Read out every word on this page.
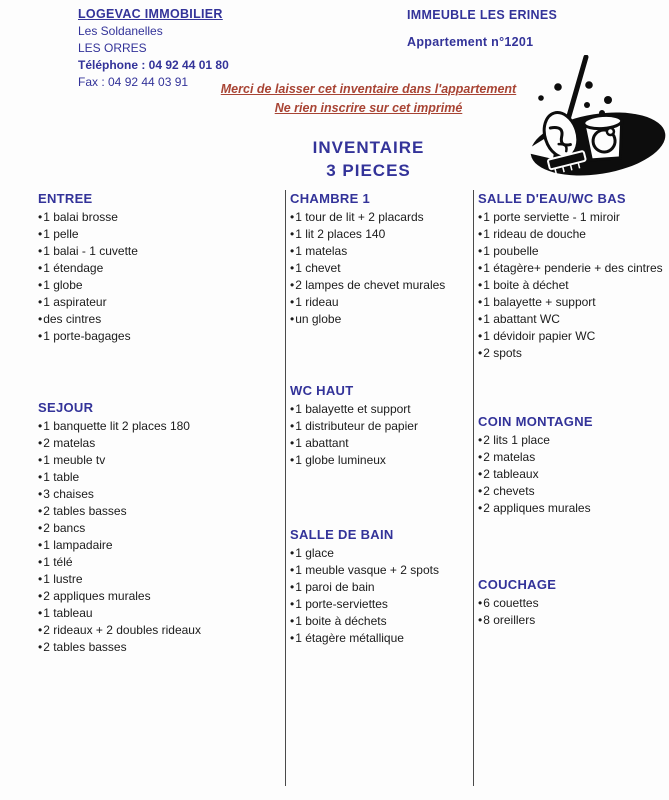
LOGEVAC IMMOBILIER
Les Soldanelles
LES ORRES
Téléphone : 04 92 44 01 80
Fax : 04 92 44 03 91
IMMEUBLE LES ERINES
Appartement n°1201
Merci de laisser cet inventaire dans l'appartement
Ne rien inscrire sur cet imprimé
INVENTAIRE
3 PIECES
ENTREE
•1 balai brosse
•1 pelle
•1 balai - 1 cuvette
•1 étendage
•1 globe
•1 aspirateur
•des cintres
•1 porte-bagages
SEJOUR
•1 banquette lit 2 places 180
•2 matelas
•1 meuble tv
•1 table
•3 chaises
•2 tables basses
•2 bancs
•1 lampadaire
•1 télé
•1 lustre
•2 appliques murales
•1 tableau
•2 rideaux + 2 doubles rideaux
•2 tables basses
CHAMBRE 1
•1 tour de lit + 2 placards
•1 lit 2 places 140
•1 matelas
•1 chevet
•2 lampes de chevet murales
•1 rideau
•un globe
WC HAUT
•1 balayette et support
•1 distributeur de papier
•1 abattant
•1 globe lumineux
SALLE DE BAIN
•1 glace
•1 meuble vasque + 2 spots
•1 paroi de bain
•1 porte-serviettes
•1 boite à déchets
•1 étagère métallique
SALLE D'EAU/WC BAS
•1 porte serviette - 1 miroir
•1 rideau de douche
•1 poubelle
•1 étagère+ penderie + des cintres
•1 boite à déchet
•1 balayette + support
•1 abattant WC
•1 dévidoir papier WC
•2 spots
COIN MONTAGNE
•2 lits 1 place
•2 matelas
•2 tableaux
•2 chevets
•2 appliques murales
COUCHAGE
•6 couettes
•8 oreillers
